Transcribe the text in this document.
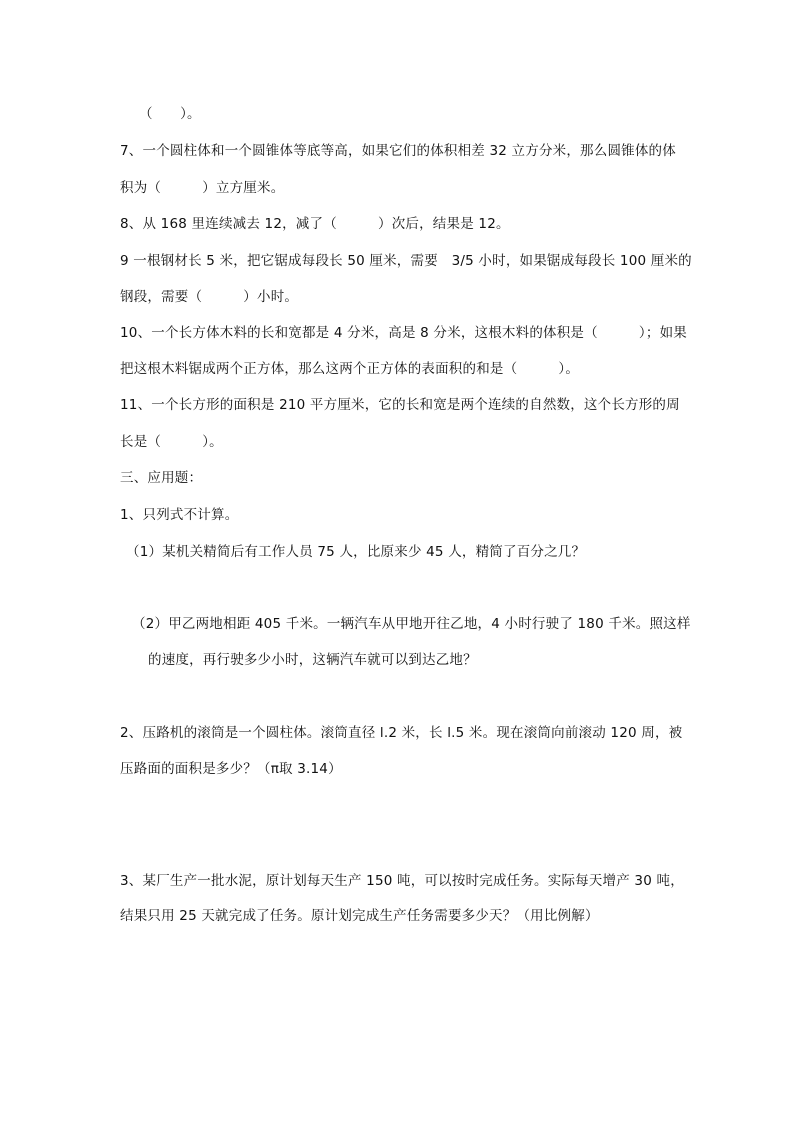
（　　）。
7、一个圆柱体和一个圆锥体等底等高，如果它们的体积相差 32 立方分米，那么圆锥体的体
积为（　　　）立方厘米。
8、从 168 里连续减去 12，减了（　　　）次后，结果是 12。
9 一根钢材长 5 米，把它锯成每段长 50 厘米，需要　3/5 小时，如果锯成每段长 100 厘米的
钢段，需要（　　　）小时。
10、一个长方体木料的长和宽都是 4 分米，高是 8 分米，这根木料的体积是（　　　）；如果
把这根木料锯成两个正方体，那么这两个正方体的表面积的和是（　　　）。
11、一个长方形的面积是 210 平方厘米，它的长和宽是两个连续的自然数，这个长方形的周
长是（　　　）。
三、应用题：
1、只列式不计算。
（1）某机关精简后有工作人员 75 人，比原来少 45 人，精简了百分之几？
（2）甲乙两地相距 405 千米。一辆汽车从甲地开往乙地，4 小时行驶了 180 千米。照这样
的速度，再行驶多少小时，这辆汽车就可以到达乙地？
2、压路机的滚筒是一个圆柱体。滚筒直径 l.2 米，长 l.5 米。现在滚筒向前滚动 120 周，被
压路面的面积是多少？（π取 3.14）
3、某厂生产一批水泥，原计划每天生产 150 吨，可以按时完成任务。实际每天增产 30 吨，
结果只用 25 天就完成了任务。原计划完成生产任务需要多少天？（用比例解）
